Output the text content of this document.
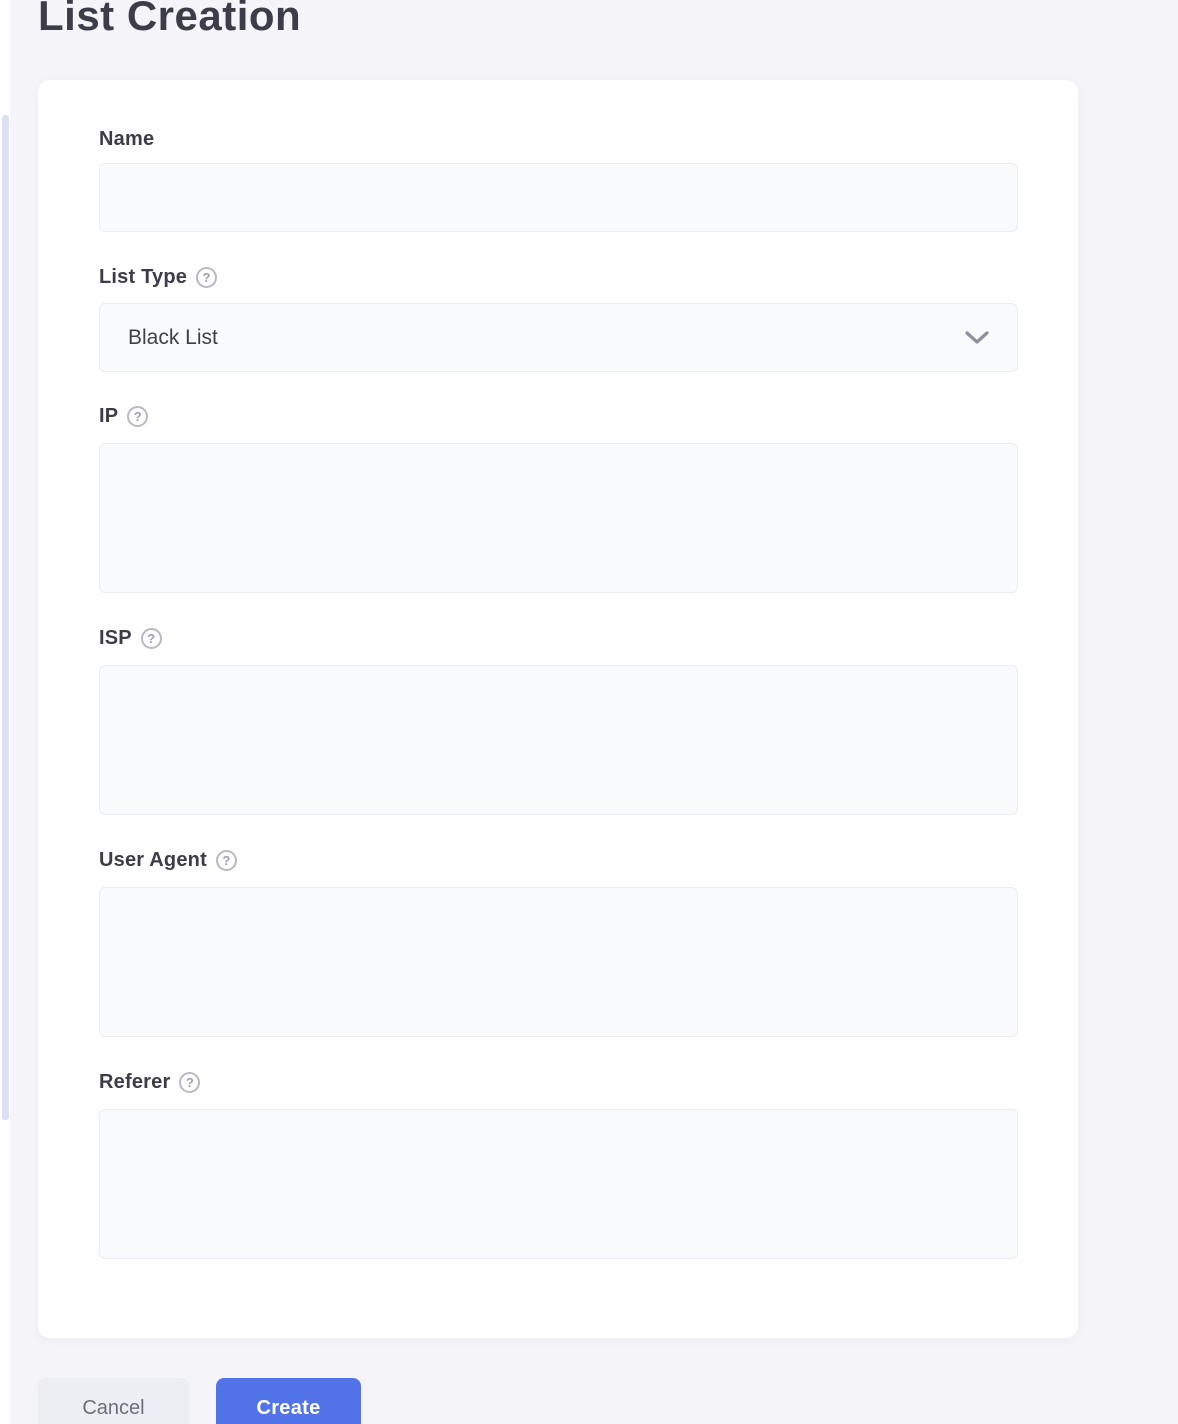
List Creation
Name
List Type	?
Black List
IP	?
ISP	?
User Agent	?
Referer	?
Cancel	Create
